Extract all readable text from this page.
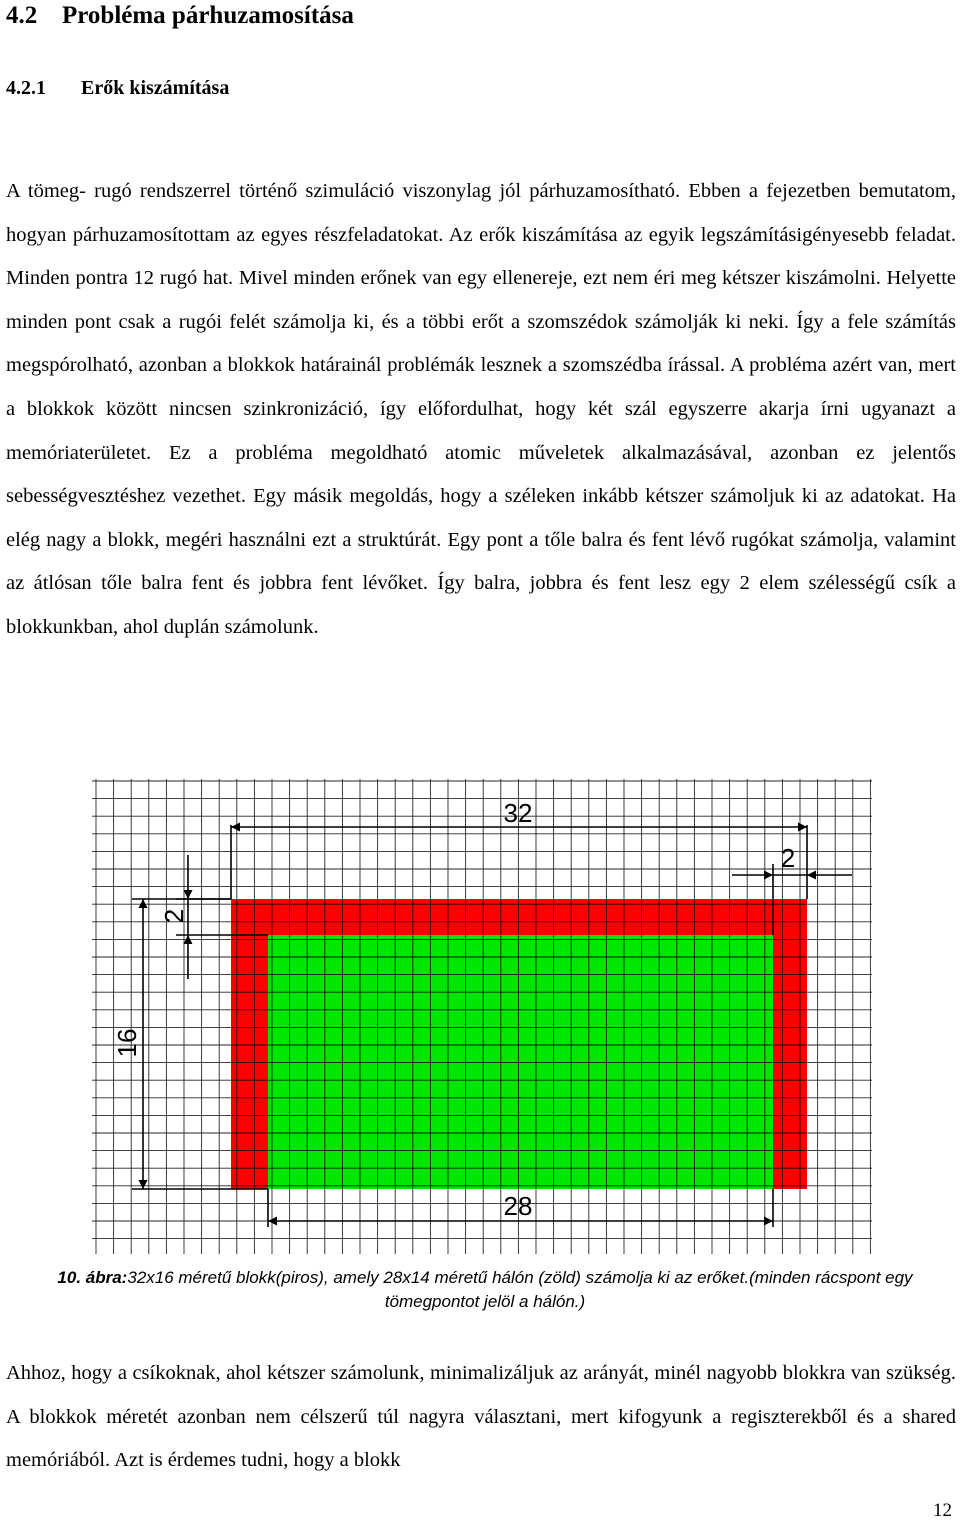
4.2 Probléma párhuzamosítása
4.2.1 Erők kiszámítása

A tömeg- rugó rendszerrel történő szimuláció viszonylag jól párhuzamosítható. Ebben a fejezetben bemutatom, hogyan párhuzamosítottam az egyes részfeladatokat. Az erők kiszámítása az egyik legszámításigényesebb feladat. Minden pontra 12 rugó hat. Mivel minden erőnek van egy ellenereje, ezt nem éri meg kétszer kiszámolni. Helyette minden pont csak a rugói felét számolja ki, és a többi erőt a szomszédok számolják ki neki. Így a fele számítás megspórolható, azonban a blokkok határainál problémák lesznek a szomszédba írással. A probléma azért van, mert a blokkok között nincsen szinkronizáció, így előfordulhat, hogy két szál egyszerre akarja írni ugyanazt a memóriaterületet. Ez a probléma megoldható atomic műveletek alkalmazásával, azonban ez jelentős sebességvesztéshez vezethet. Egy másik megoldás, hogy a széleken inkább kétszer számoljuk ki az adatokat. Ha elég nagy a blokk, megéri használni ezt a struktúrát. Egy pont a tőle balra és fent lévő rugókat számolja, valamint az átlósan tőle balra fent és jobbra fent lévőket. Így balra, jobbra és fent lesz egy 2 elem szélességű csík a blokkunkban, ahol duplán számolunk.

32
2
28
2
16

10. ábra:32x16 méretű blokk(piros), amely 28x14 méretű hálón (zöld) számolja ki az erőket.(minden rácspont egy tömegpontot jelöl a hálón.)

Ahhoz, hogy a csíkoknak, ahol kétszer számolunk, minimalizáljuk az arányát, minél nagyobb blokkra van szükség. A blokkok méretét azonban nem célszerű túl nagyra választani, mert kifogyunk a regiszterekből és a shared memóriából. Azt is érdemes tudni, hogy a blokk

12
